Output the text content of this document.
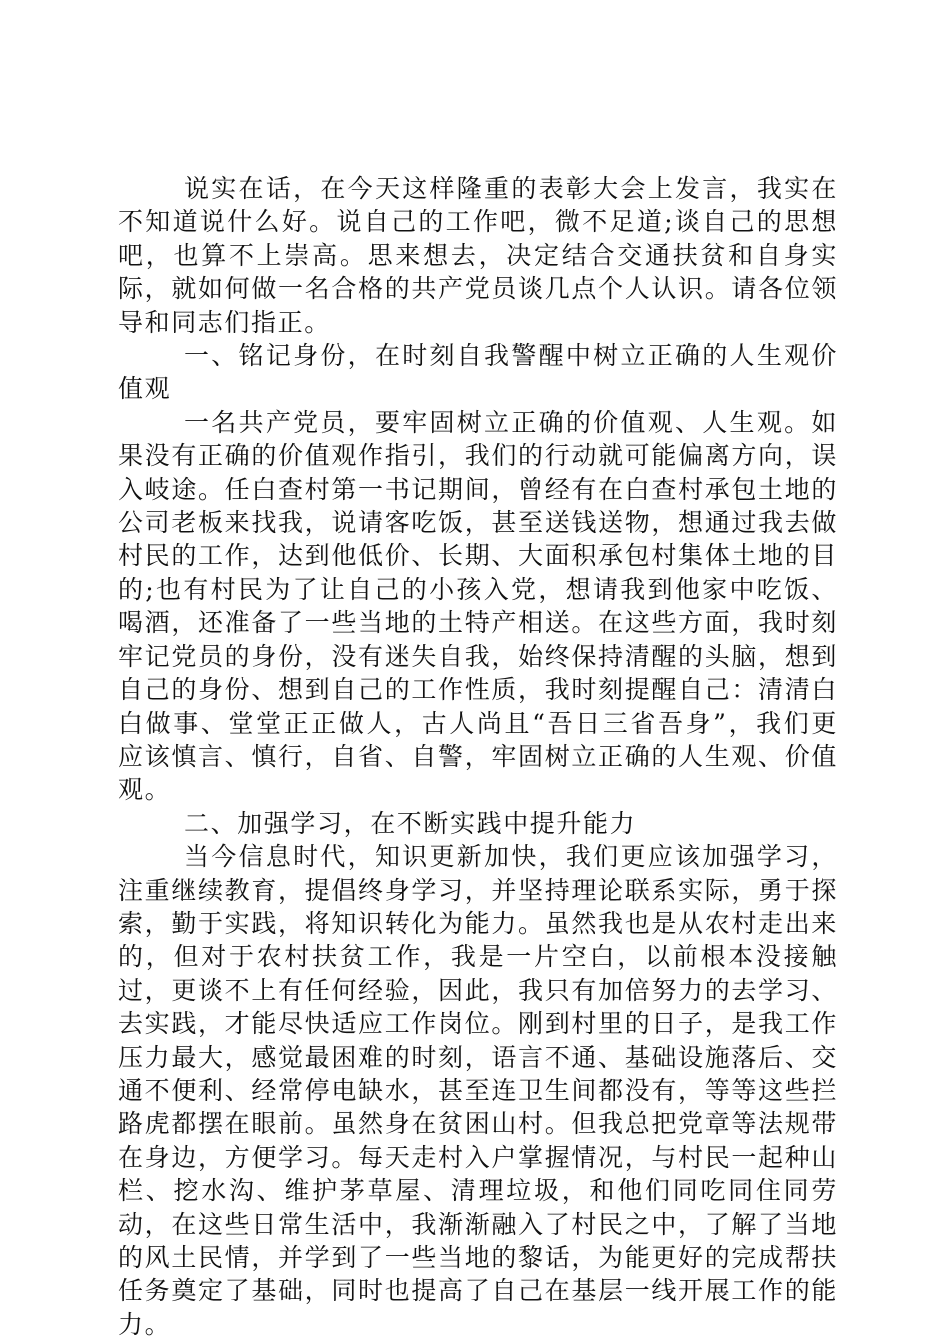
说实在话，在今天这样隆重的表彰大会上发言，我实在不知道说什么好。说自己的工作吧，微不足道;谈自己的思想吧，也算不上崇高。思来想去，决定结合交通扶贫和自身实际，就如何做一名合格的共产党员谈几点个人认识。请各位领导和同志们指正。

一、铭记身份，在时刻自我警醒中树立正确的人生观价值观

一名共产党员，要牢固树立正确的价值观、人生观。如果没有正确的价值观作指引，我们的行动就可能偏离方向，误入岐途。任白查村第一书记期间，曾经有在白查村承包土地的公司老板来找我，说请客吃饭，甚至送钱送物，想通过我去做村民的工作，达到他低价、长期、大面积承包村集体土地的目的;也有村民为了让自己的小孩入党，想请我到他家中吃饭、喝酒，还准备了一些当地的土特产相送。在这些方面，我时刻牢记党员的身份，没有迷失自我，始终保持清醒的头脑，想到自己的身份、想到自己的工作性质，我时刻提醒自己：清清白白做事、堂堂正正做人，古人尚且“吾日三省吾身”，我们更应该慎言、慎行，自省、自警，牢固树立正确的人生观、价值观。

二、加强学习，在不断实践中提升能力

当今信息时代，知识更新加快，我们更应该加强学习，注重继续教育，提倡终身学习，并坚持理论联系实际，勇于探索，勤于实践，将知识转化为能力。虽然我也是从农村走出来的，但对于农村扶贫工作，我是一片空白，以前根本没接触过，更谈不上有任何经验，因此，我只有加倍努力的去学习、去实践，才能尽快适应工作岗位。刚到村里的日子，是我工作压力最大，感觉最困难的时刻，语言不通、基础设施落后、交通不便利、经常停电缺水，甚至连卫生间都没有，等等这些拦路虎都摆在眼前。虽然身在贫困山村。但我总把党章等法规带在身边，方便学习。每天走村入户掌握情况，与村民一起种山栏、挖水沟、维护茅草屋、清理垃圾，和他们同吃同住同劳动，在这些日常生活中，我渐渐融入了村民之中，了解了当地的风土民情，并学到了一些当地的黎话，为能更好的完成帮扶任务奠定了基础，同时也提高了自己在基层一线开展工作的能力。
